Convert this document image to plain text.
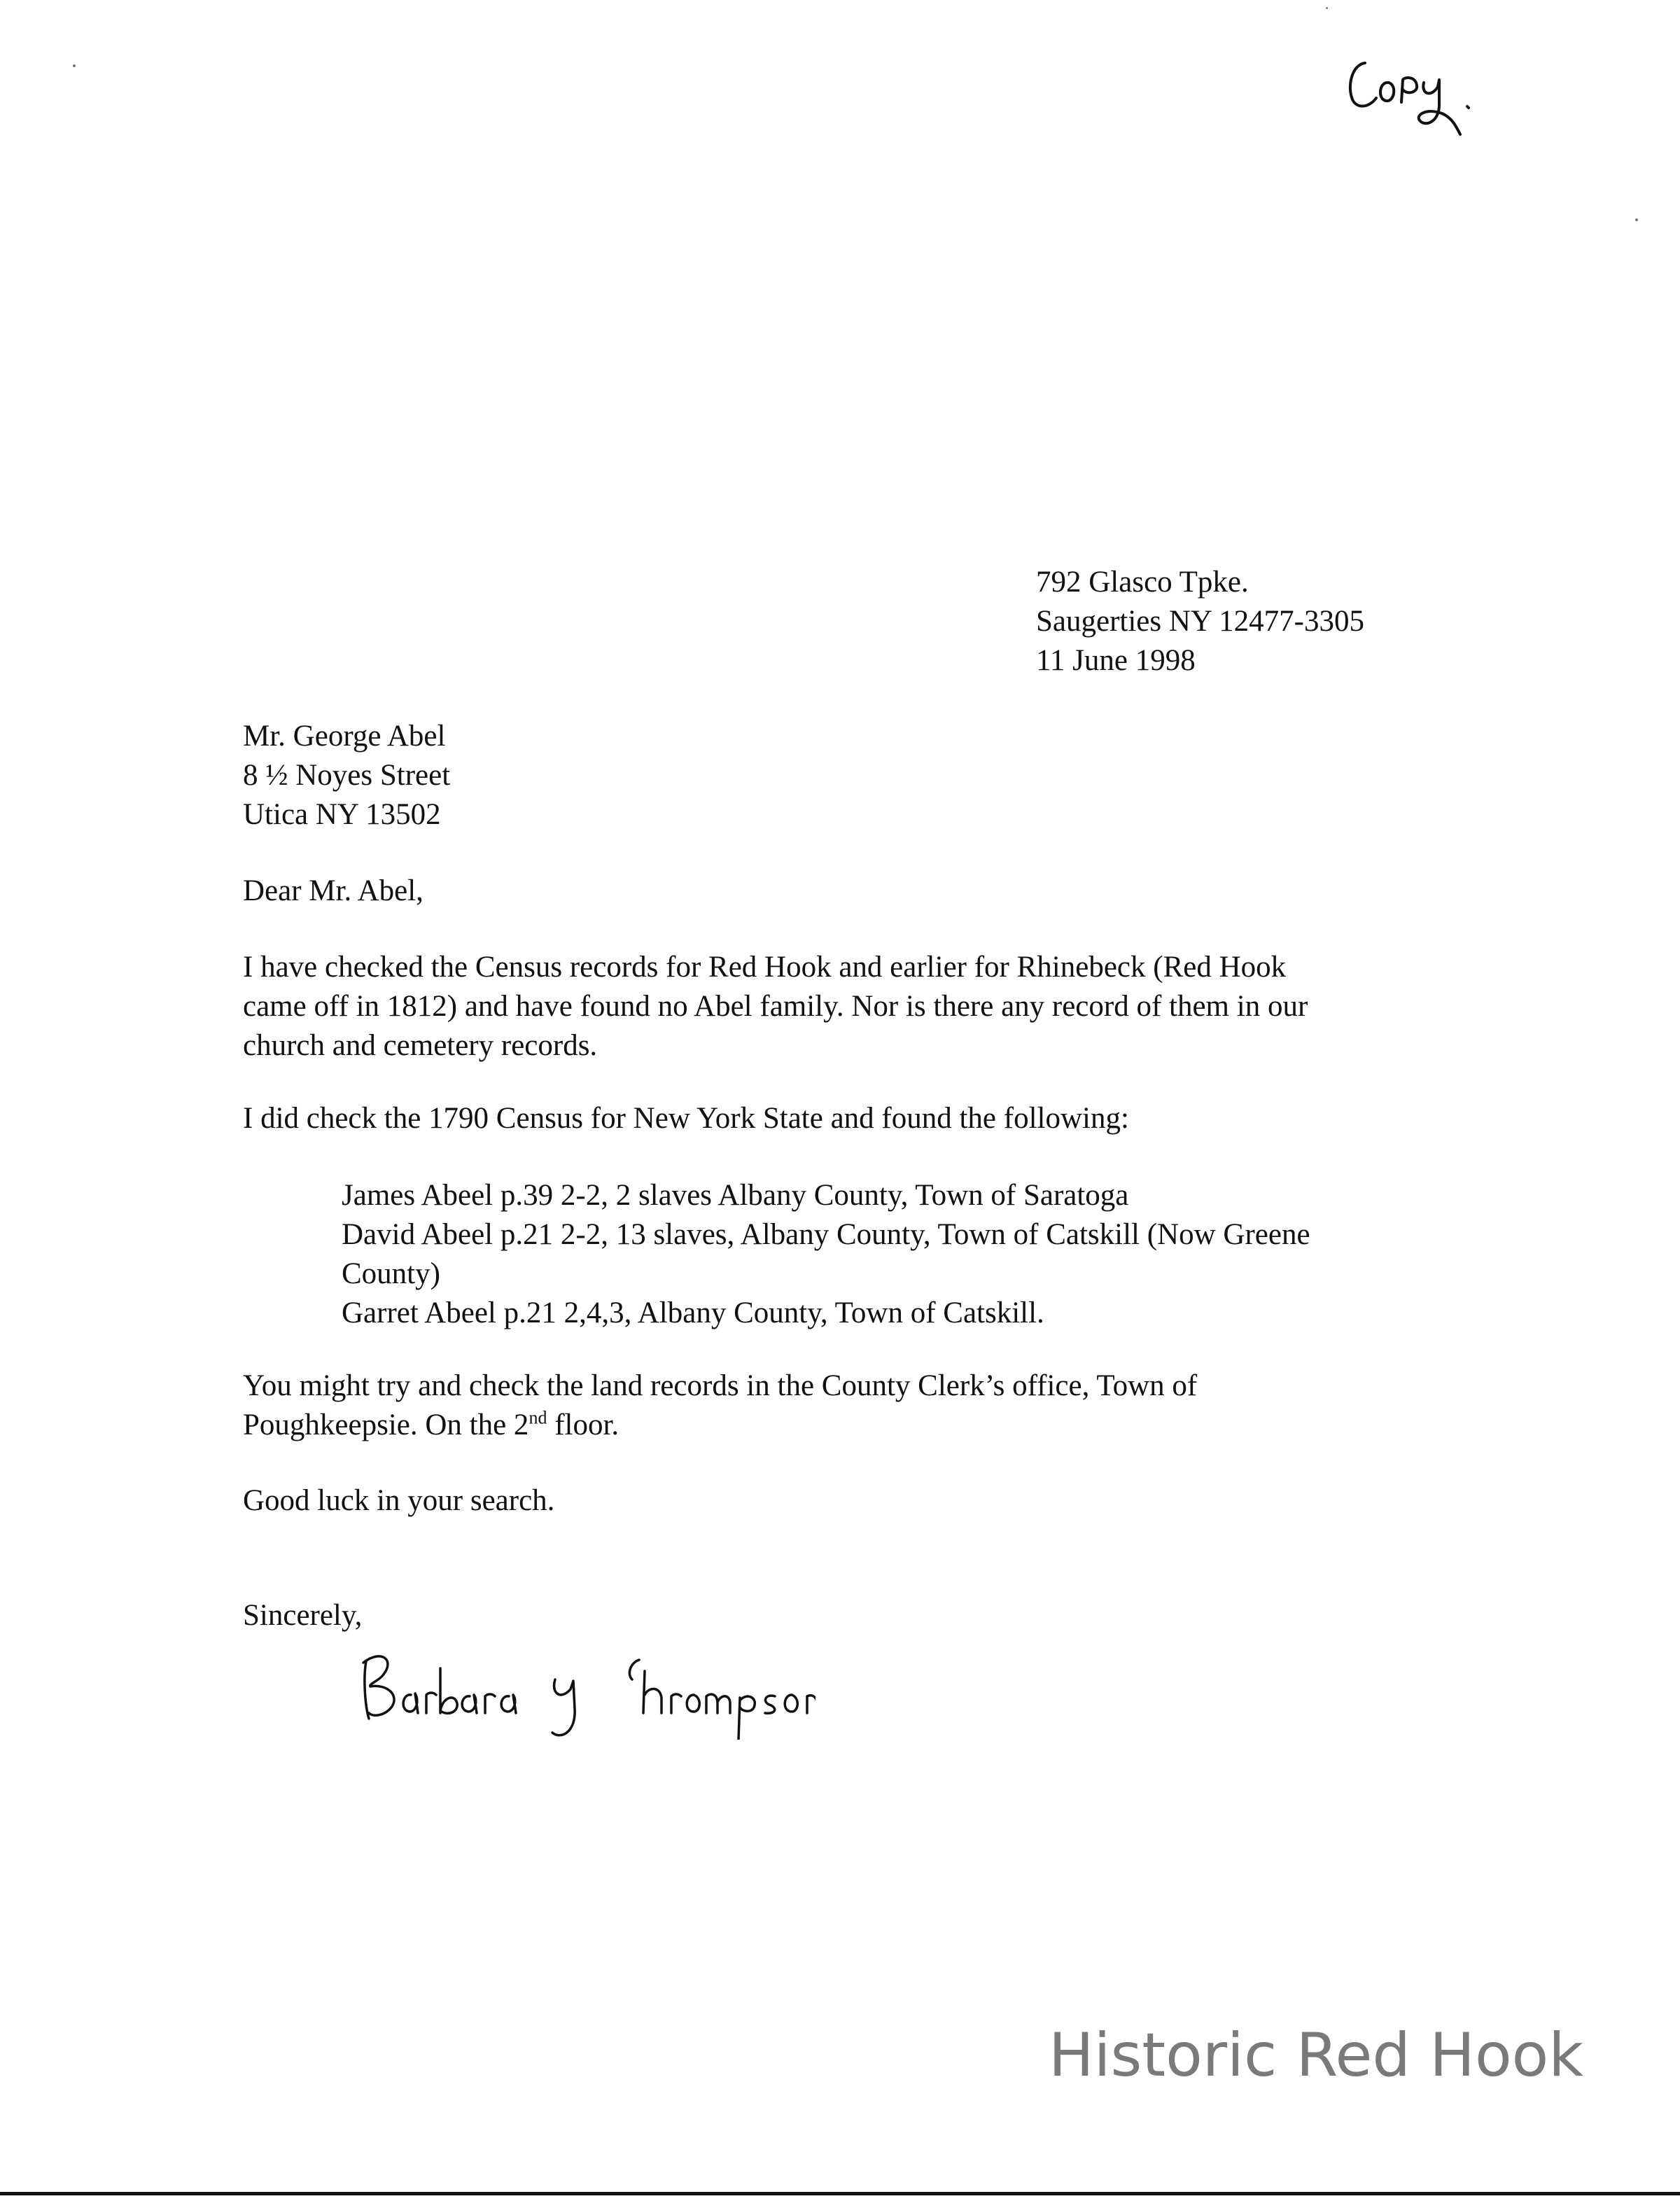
792 Glasco Tpke.
Saugerties NY 12477-3305
11 June 1998
Mr. George Abel
8 ½ Noyes Street
Utica NY 13502
Dear Mr. Abel,
I have checked the Census records for Red Hook and earlier for Rhinebeck (Red Hook
came off in 1812) and have found no Abel family. Nor is there any record of them in our
church and cemetery records.
I did check the 1790 Census for New York State and found the following:
James Abeel p.39 2-2, 2 slaves Albany County, Town of Saratoga
David Abeel p.21 2-2, 13 slaves, Albany County, Town of Catskill (Now Greene
County)
Garret Abeel p.21 2,4,3, Albany County, Town of Catskill.
You might try and check the land records in the County Clerk’s office, Town of
Poughkeepsie. On the 2nd floor.
Good luck in your search.
Sincerely,
Historic Red Hook
